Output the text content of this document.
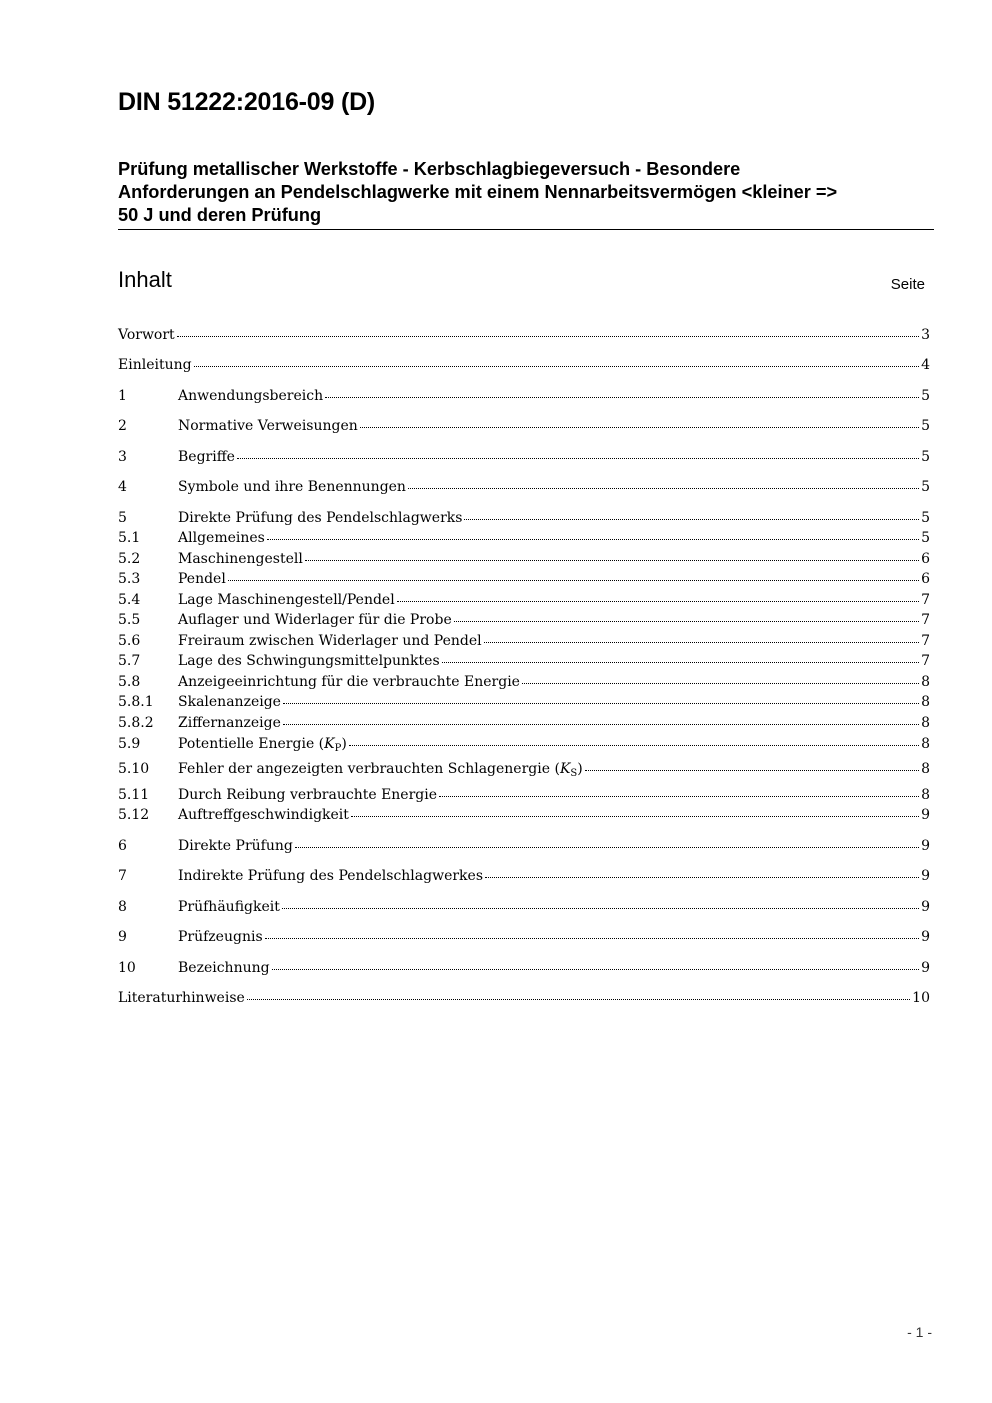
DIN 51222:2016-09 (D)
Prüfung metallischer Werkstoffe - Kerbschlagbiegeversuch - Besondere
Anforderungen an Pendelschlagwerke mit einem Nennarbeitsvermögen <kleiner =>
50 J und deren Prüfung
Inhalt	Seite
Vorwort	3
Einleitung	4
1	Anwendungsbereich	5
2	Normative Verweisungen	5
3	Begriffe	5
4	Symbole und ihre Benennungen	5
5	Direkte Prüfung des Pendelschlagwerks	5
5.1	Allgemeines	5
5.2	Maschinengestell	6
5.3	Pendel	6
5.4	Lage Maschinengestell/Pendel	7
5.5	Auflager und Widerlager für die Probe	7
5.6	Freiraum zwischen Widerlager und Pendel	7
5.7	Lage des Schwingungsmittelpunktes	7
5.8	Anzeigeeinrichtung für die verbrauchte Energie	8
5.8.1	Skalenanzeige	8
5.8.2	Ziffernanzeige	8
5.9	Potentielle Energie $(K_P)$	8
5.10	Fehler der angezeigten verbrauchten Schlagenergie $(K_S)$	8
5.11	Durch Reibung verbrauchte Energie	8
5.12	Auftreffgeschwindigkeit	9
6	Direkte Prüfung	9
7	Indirekte Prüfung des Pendelschlagwerkes	9
8	Prüfhäufigkeit	9
9	Prüfzeugnis	9
10	Bezeichnung	9
Literaturhinweise	10
- 1 -
